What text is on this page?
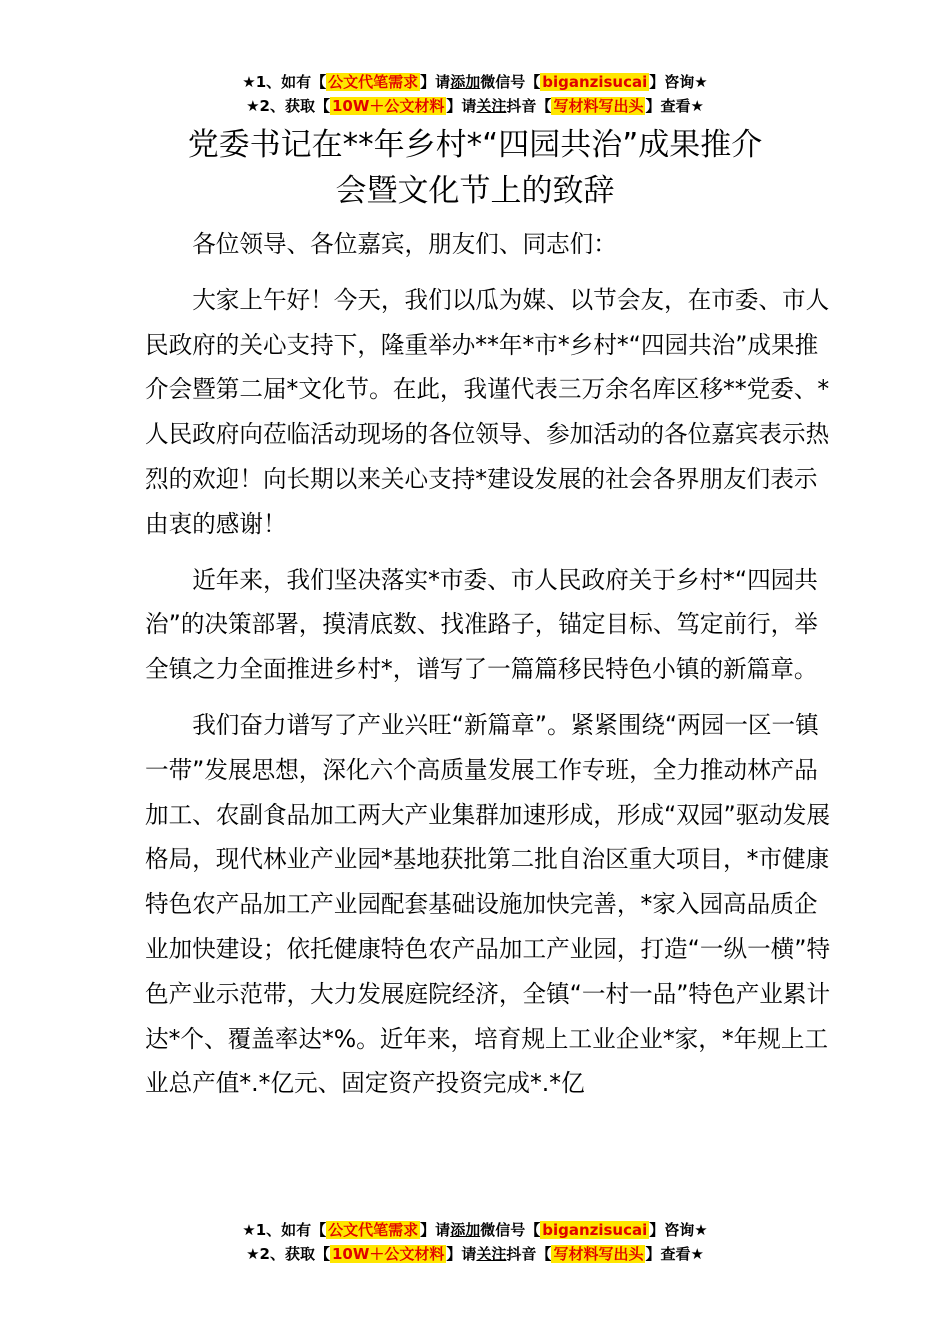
★1、如有【 公文代笔需求 】请添加微信号【 biganzisucai 】咨询★
★2、获取【 10W＋公文材料 】请关注抖音【 写材料写出头 】查看★
党委书记在**年乡村*“四园共治”成果推介
会暨文化节上的致辞

各位领导、各位嘉宾，朋友们、同志们：

大家上午好！今天，我们以瓜为媒、以节会友，在市委、市人民政府的关心支持下，隆重举办**年*市*乡村*“四园共治”成果推介会暨第二届*文化节。在此，我谨代表三万余名库区移**党委、*人民政府向莅临活动现场的各位领导、参加活动的各位嘉宾表示热烈的欢迎！向长期以来关心支持*建设发展的社会各界朋友们表示由衷的感谢！

近年来，我们坚决落实*市委、市人民政府关于乡村*“四园共治”的决策部署，摸清底数、找准路子，锚定目标、笃定前行，举全镇之力全面推进乡村*，谱写了一篇篇移民特色小镇的新篇章。

我们奋力谱写了产业兴旺“新篇章”。紧紧围绕“两园一区一镇一带”发展思想，深化六个高质量发展工作专班，全力推动林产品加工、农副食品加工两大产业集群加速形成，形成“双园”驱动发展格局，现代林业产业园*基地获批第二批自治区重大项目，*市健康特色农产品加工产业园配套基础设施加快完善，*家入园高品质企业加快建设；依托健康特色农产品加工产业园，打造“一纵一横”特色产业示范带，大力发展庭院经济，全镇“一村一品”特色产业累计达*个、覆盖率达*%。近年来，培育规上工业企业*家，*年规上工业总产值*.*亿元、固定资产投资完成*.*亿

★1、如有【 公文代笔需求 】请添加微信号【 biganzisucai 】咨询★
★2、获取【 10W＋公文材料 】请关注抖音【 写材料写出头 】查看★
